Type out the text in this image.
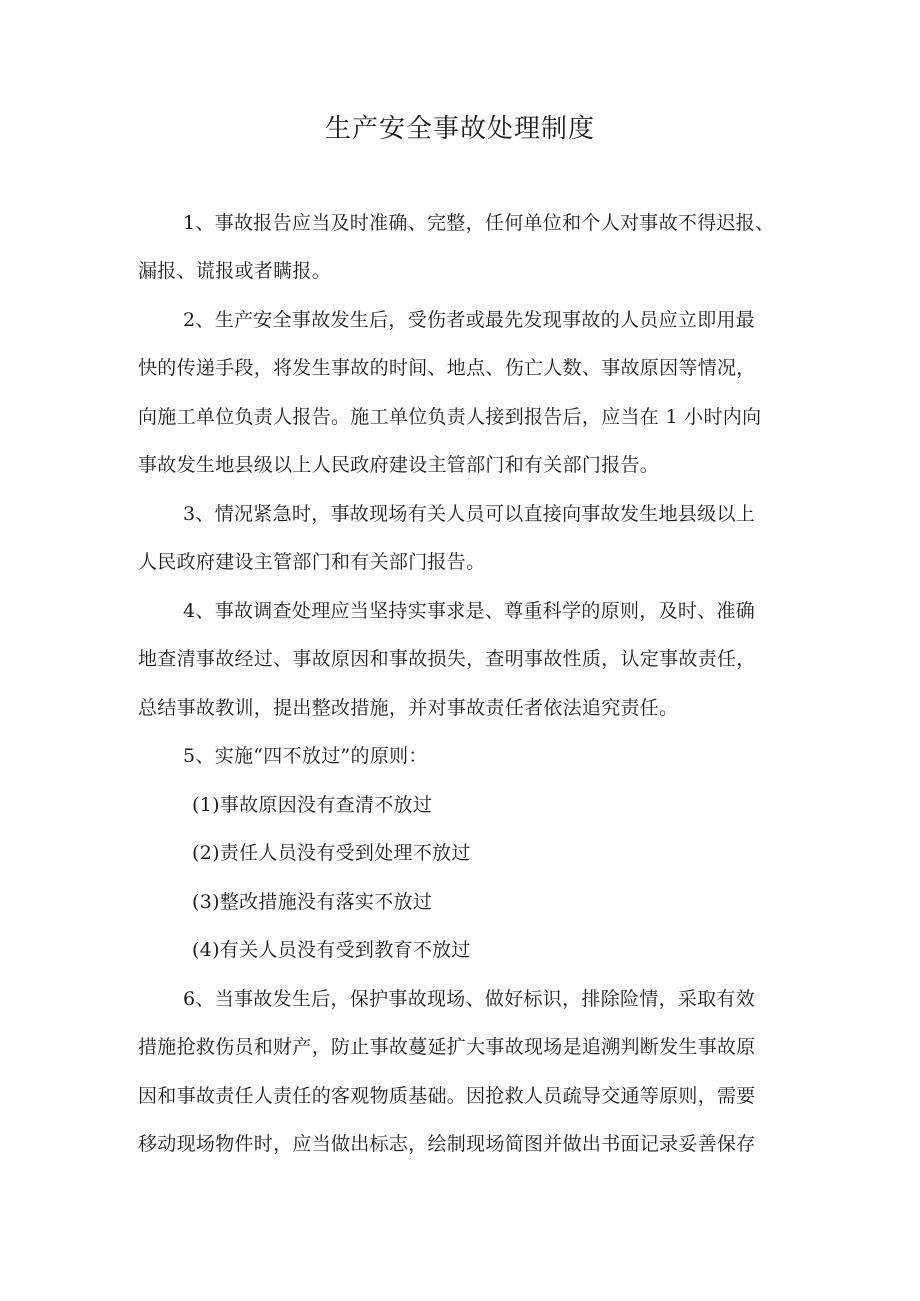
生产安全事故处理制度
1、事故报告应当及时准确、完整，任何单位和个人对事故不得迟报、
漏报、谎报或者瞒报。
2、生产安全事故发生后，受伤者或最先发现事故的人员应立即用最
快的传递手段，将发生事故的时间、地点、伤亡人数、事故原因等情况，
向施工单位负责人报告。施工单位负责人接到报告后，应当在 1 小时内向
事故发生地县级以上人民政府建设主管部门和有关部门报告。
3、情况紧急时，事故现场有关人员可以直接向事故发生地县级以上
人民政府建设主管部门和有关部门报告。
4、事故调查处理应当坚持实事求是、尊重科学的原则，及时、准确
地查清事故经过、事故原因和事故损失，查明事故性质，认定事故责任，
总结事故教训，提出整改措施，并对事故责任者依法追究责任。
5、实施“四不放过”的原则：
(1)事故原因没有查清不放过
(2)责任人员没有受到处理不放过
(3)整改措施没有落实不放过
(4)有关人员没有受到教育不放过
6、当事故发生后，保护事故现场、做好标识，排除险情，采取有效
措施抢救伤员和财产，防止事故蔓延扩大事故现场是追溯判断发生事故原
因和事故责任人责任的客观物质基础。因抢救人员疏导交通等原则，需要
移动现场物件时，应当做出标志，绘制现场简图并做出书面记录妥善保存
